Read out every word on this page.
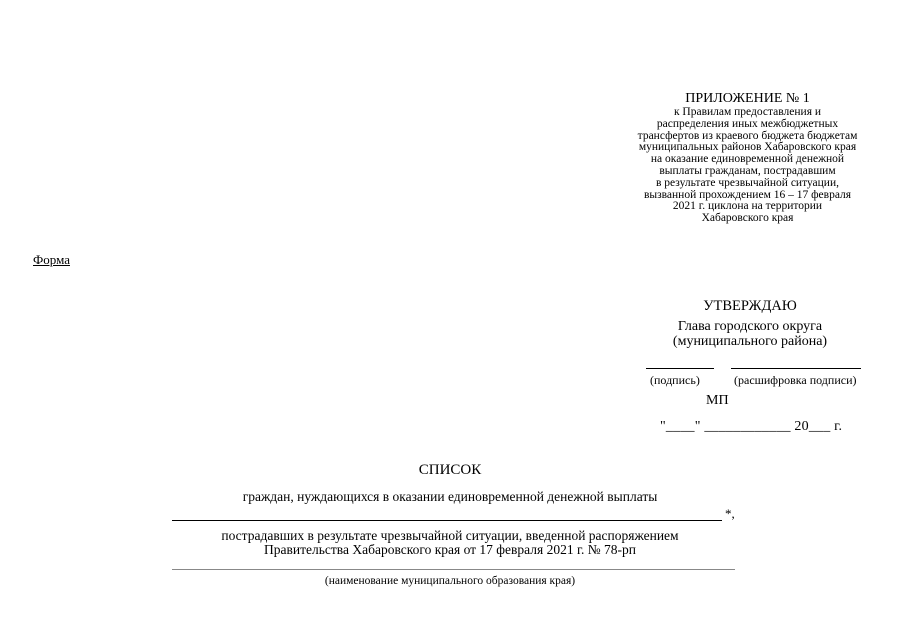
ПРИЛОЖЕНИЕ № 1
к Правилам предоставления и
распределения иных межбюджетных
трансфертов из краевого бюджета бюджетам
муниципальных районов Хабаровского края
на оказание единовременной денежной
выплаты гражданам, пострадавшим
в результате чрезвычайной ситуации,
вызванной прохождением 16 – 17 февраля
2021 г. циклона на территории
Хабаровского края
Форма
УТВЕРЖДАЮ
Глава городского округа
(муниципального района)
(подпись)	(расшифровка подписи)
МП
"____" ____________ 20___ г.
СПИСОК
граждан, нуждающихся в оказании единовременной денежной выплаты
*,
пострадавших в результате чрезвычайной ситуации, введенной распоряжением
Правительства Хабаровского края от 17 февраля 2021 г. № 78-рп
(наименование муниципального образования края)
